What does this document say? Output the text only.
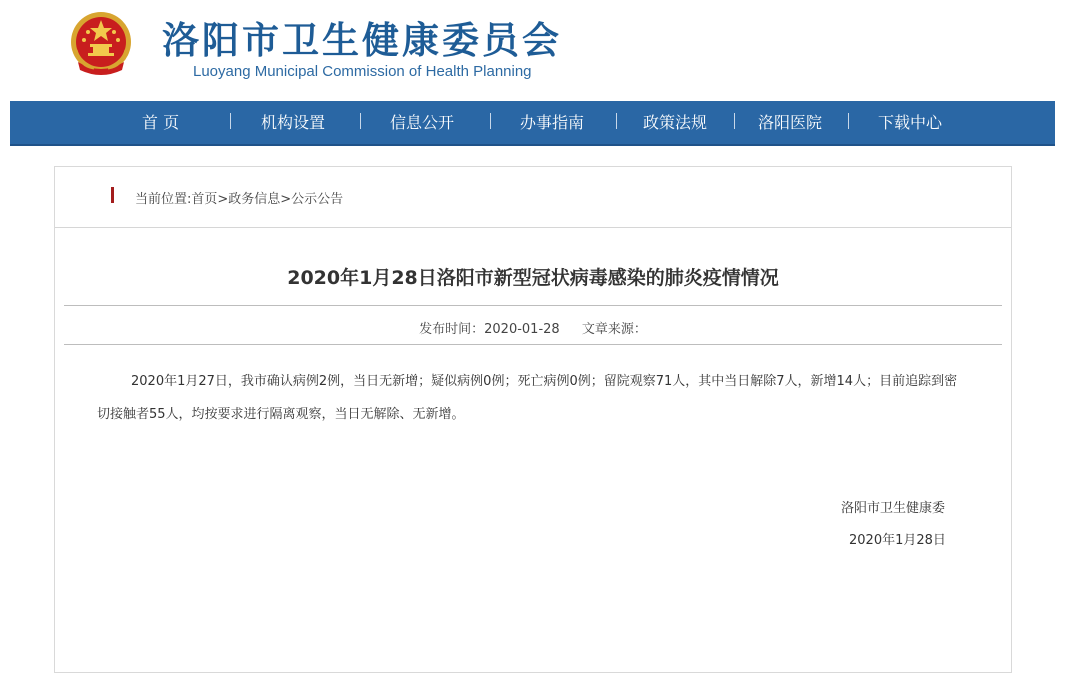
洛阳市卫生健康委员会
Luoyang Municipal Commission of Health Planning
首 页	机构设置	信息公开	办事指南	政策法规	洛阳医院	下载中心
当前位置:首页>政务信息>公示公告
2020年1月28日洛阳市新型冠状病毒感染的肺炎疫情情况
发布时间：2020-01-28 文章来源：
2020年1月27日，我市确认病例2例，当日无新增；疑似病例0例；死亡病例0例；留院观察71人，其中当日解除7人，新增14人；目前追踪到密切接触者55人，均按要求进行隔离观察，当日无解除、无新增。
洛阳市卫生健康委
2020年1月28日
